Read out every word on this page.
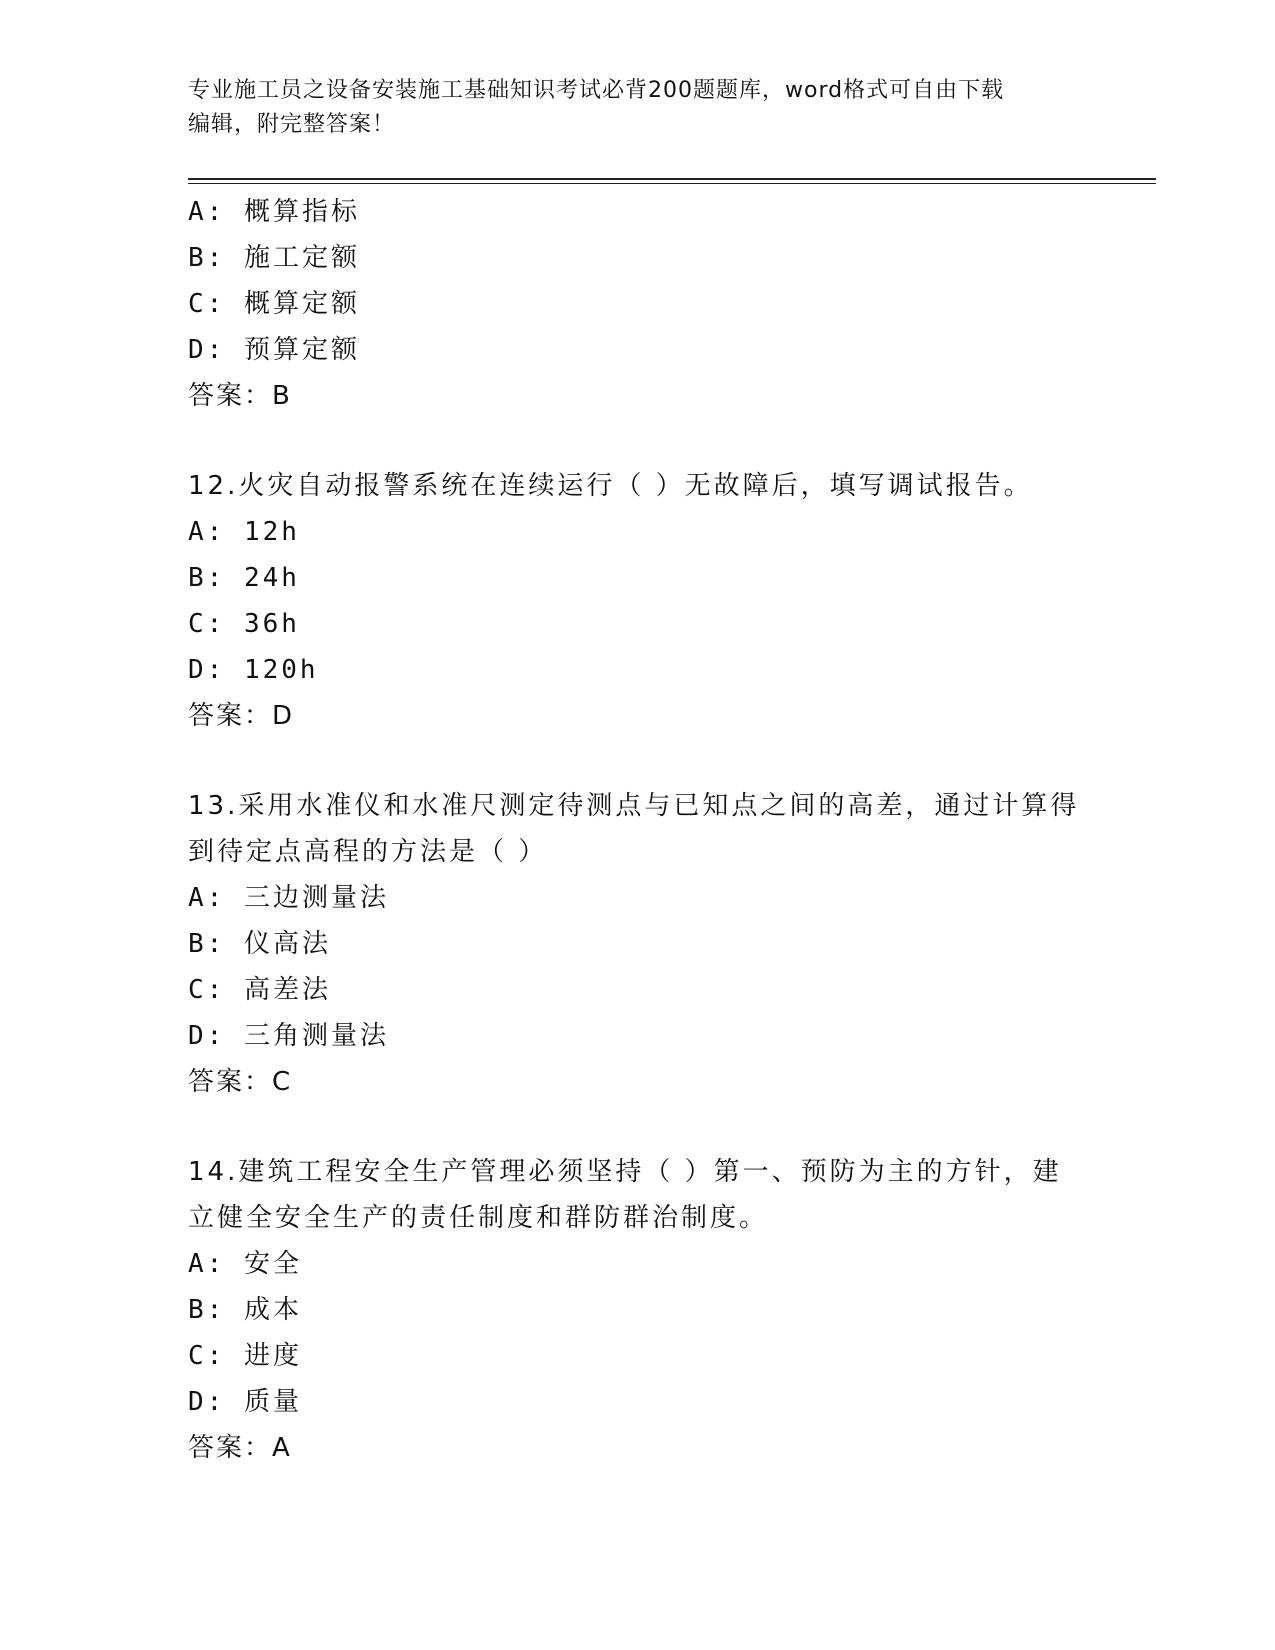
专业施工员之设备安装施工基础知识考试必背200题题库，word格式可自由下载
编辑，附完整答案！
A: 概算指标
B: 施工定额
C: 概算定额
D: 预算定额
答案：B
12.火灾自动报警系统在连续运行（ ）无故障后，填写调试报告。
A: 12h
B: 24h
C: 36h
D: 120h
答案：D
13.采用水准仪和水准尺测定待测点与已知点之间的高差，通过计算得
到待定点高程的方法是（ ）
A: 三边测量法
B: 仪高法
C: 高差法
D: 三角测量法
答案：C
14.建筑工程安全生产管理必须坚持（ ）第一、预防为主的方针，建
立健全安全生产的责任制度和群防群治制度。
A: 安全
B: 成本
C: 进度
D: 质量
答案：A
